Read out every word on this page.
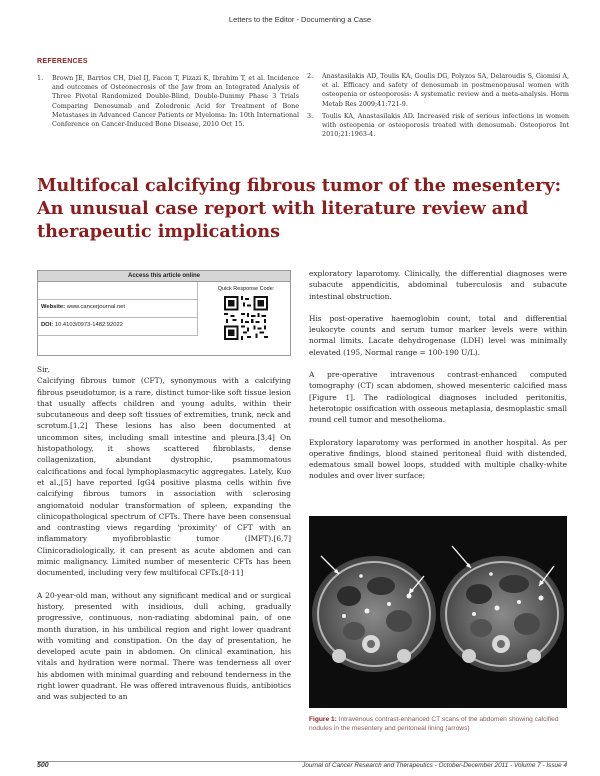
Letters to the Editor - Documenting a Case
REFERENCES
1.	Brown JE, Barrios CH, Diel IJ, Facon T, Fizazi K, Ibrahim T, et al. Incidence and outcomes of Osteonecrosis of the Jaw from an Integrated Analysis of Three Pivotal Randomized Double-Blind, Double-Dummy Phase 3 Trials Comparing Denosumab and Zoledronic Acid for Treatment of Bone Metastases in Advanced Cancer Patients or Myeloma: In: 10th International Conference on Cancer-Induced Bone Disease, 2010 Oct 15.
2.	Anastasilakis AD, Toulis KA, Goulis DG, Polyzos SA, Delaroudis S, Giomisi A, et al. Efficacy and safety of denosumab in postmenopausal women with osteopenia or osteoporosis: A systematic review and a meta-analysis. Horm Metab Res 2009;41:721-9.
3.	Toulis KA, Anastasilakis AD. Increased risk of serious infections in women with osteopenia or osteoporosis treated with denosumab. Osteoporos Int 2010;21:1963-4.
Multifocal calcifying fibrous tumor of the mesentery: An unusual case report with literature review and therapeutic implications
Access this article online
Website: www.cancerjournal.net
DOI: 10.4103/0973-1482.92022
Quick Response Code:

Sir,

Calcifying fibrous tumor (CFT), synonymous with a calcifying fibrous pseudotumor, is a rare, distinct tumor-like soft tissue lesion that usually affects children and young adults, within their subcutaneous and deep soft tissues of extremities, trunk, neck and scrotum.[1,2] These lesions has also been documented at uncommon sites, including small intestine and pleura.[3,4] On histopathology, it shows scattered fibroblasts, dense collagenization, abundant dystrophic, psammomatous calcifications and focal lymphoplasmacytic aggregates. Lately, Kuo et al.,[5] have reported IgG4 positive plasma cells within five calcifying fibrous tumors in association with sclerosing angiomatoid nodular transformation of spleen, expanding the clinicopathological spectrum of CFTs. There have been consensual and contrasting views regarding 'proximity' of CFT with an inflammatory myofibroblastic tumor (IMFT).[6,7] Clinicoradiologically, it can present as acute abdomen and can mimic malignancy. Limited number of mesenteric CFTs has been documented, including very few multifocal CFTs.[8-11]

A 20-year-old man, without any significant medical and or surgical history, presented with insidious, dull aching, gradually progressive, continuous, non-radiating abdominal pain, of one month duration, in his umbilical region and right lower quadrant with vomiting and constipation. On the day of presentation, he developed acute pain in abdomen. On clinical examination, his vitals and hydration were normal. There was tenderness all over his abdomen with minimal guarding and rebound tenderness in the right lower quadrant. He was offered intravenous fluids, antibiotics and was subjected to an

exploratory laparotomy. Clinically, the differential diagnoses were subacute appendicitis, abdominal tuberculosis and subacute intestinal obstruction.

His post-operative haemoglobin count, total and differential leukocyte counts and serum tumor marker levels were within normal limits. Lacate dehydrogenase (LDH) level was minimally elevated (195, Normal range = 100-190 U/L).

A pre-operative intravenous contrast-enhanced computed tomography (CT) scan abdomen, showed mesenteric calcified mass [Figure 1]. The radiological diagnoses included peritonitis, heterotopic ossification with osseous metaplasia, desmoplastic small round cell tumor and mesothelioma.

Exploratory laparotomy was performed in another hospital. As per operative findings, blood stained peritoneal fluid with distended, edematous small bowel loops, studded with multiple chalky-white nodules and over liver surface;

Figure 1: Intravenous contrast-enhanced CT scans of the abdomen showing calcified nodules in the mesentery and peritoneal lining (arrows)
500	Journal of Cancer Research and Therapeutics - October-December 2011 - Volume 7 - Issue 4
